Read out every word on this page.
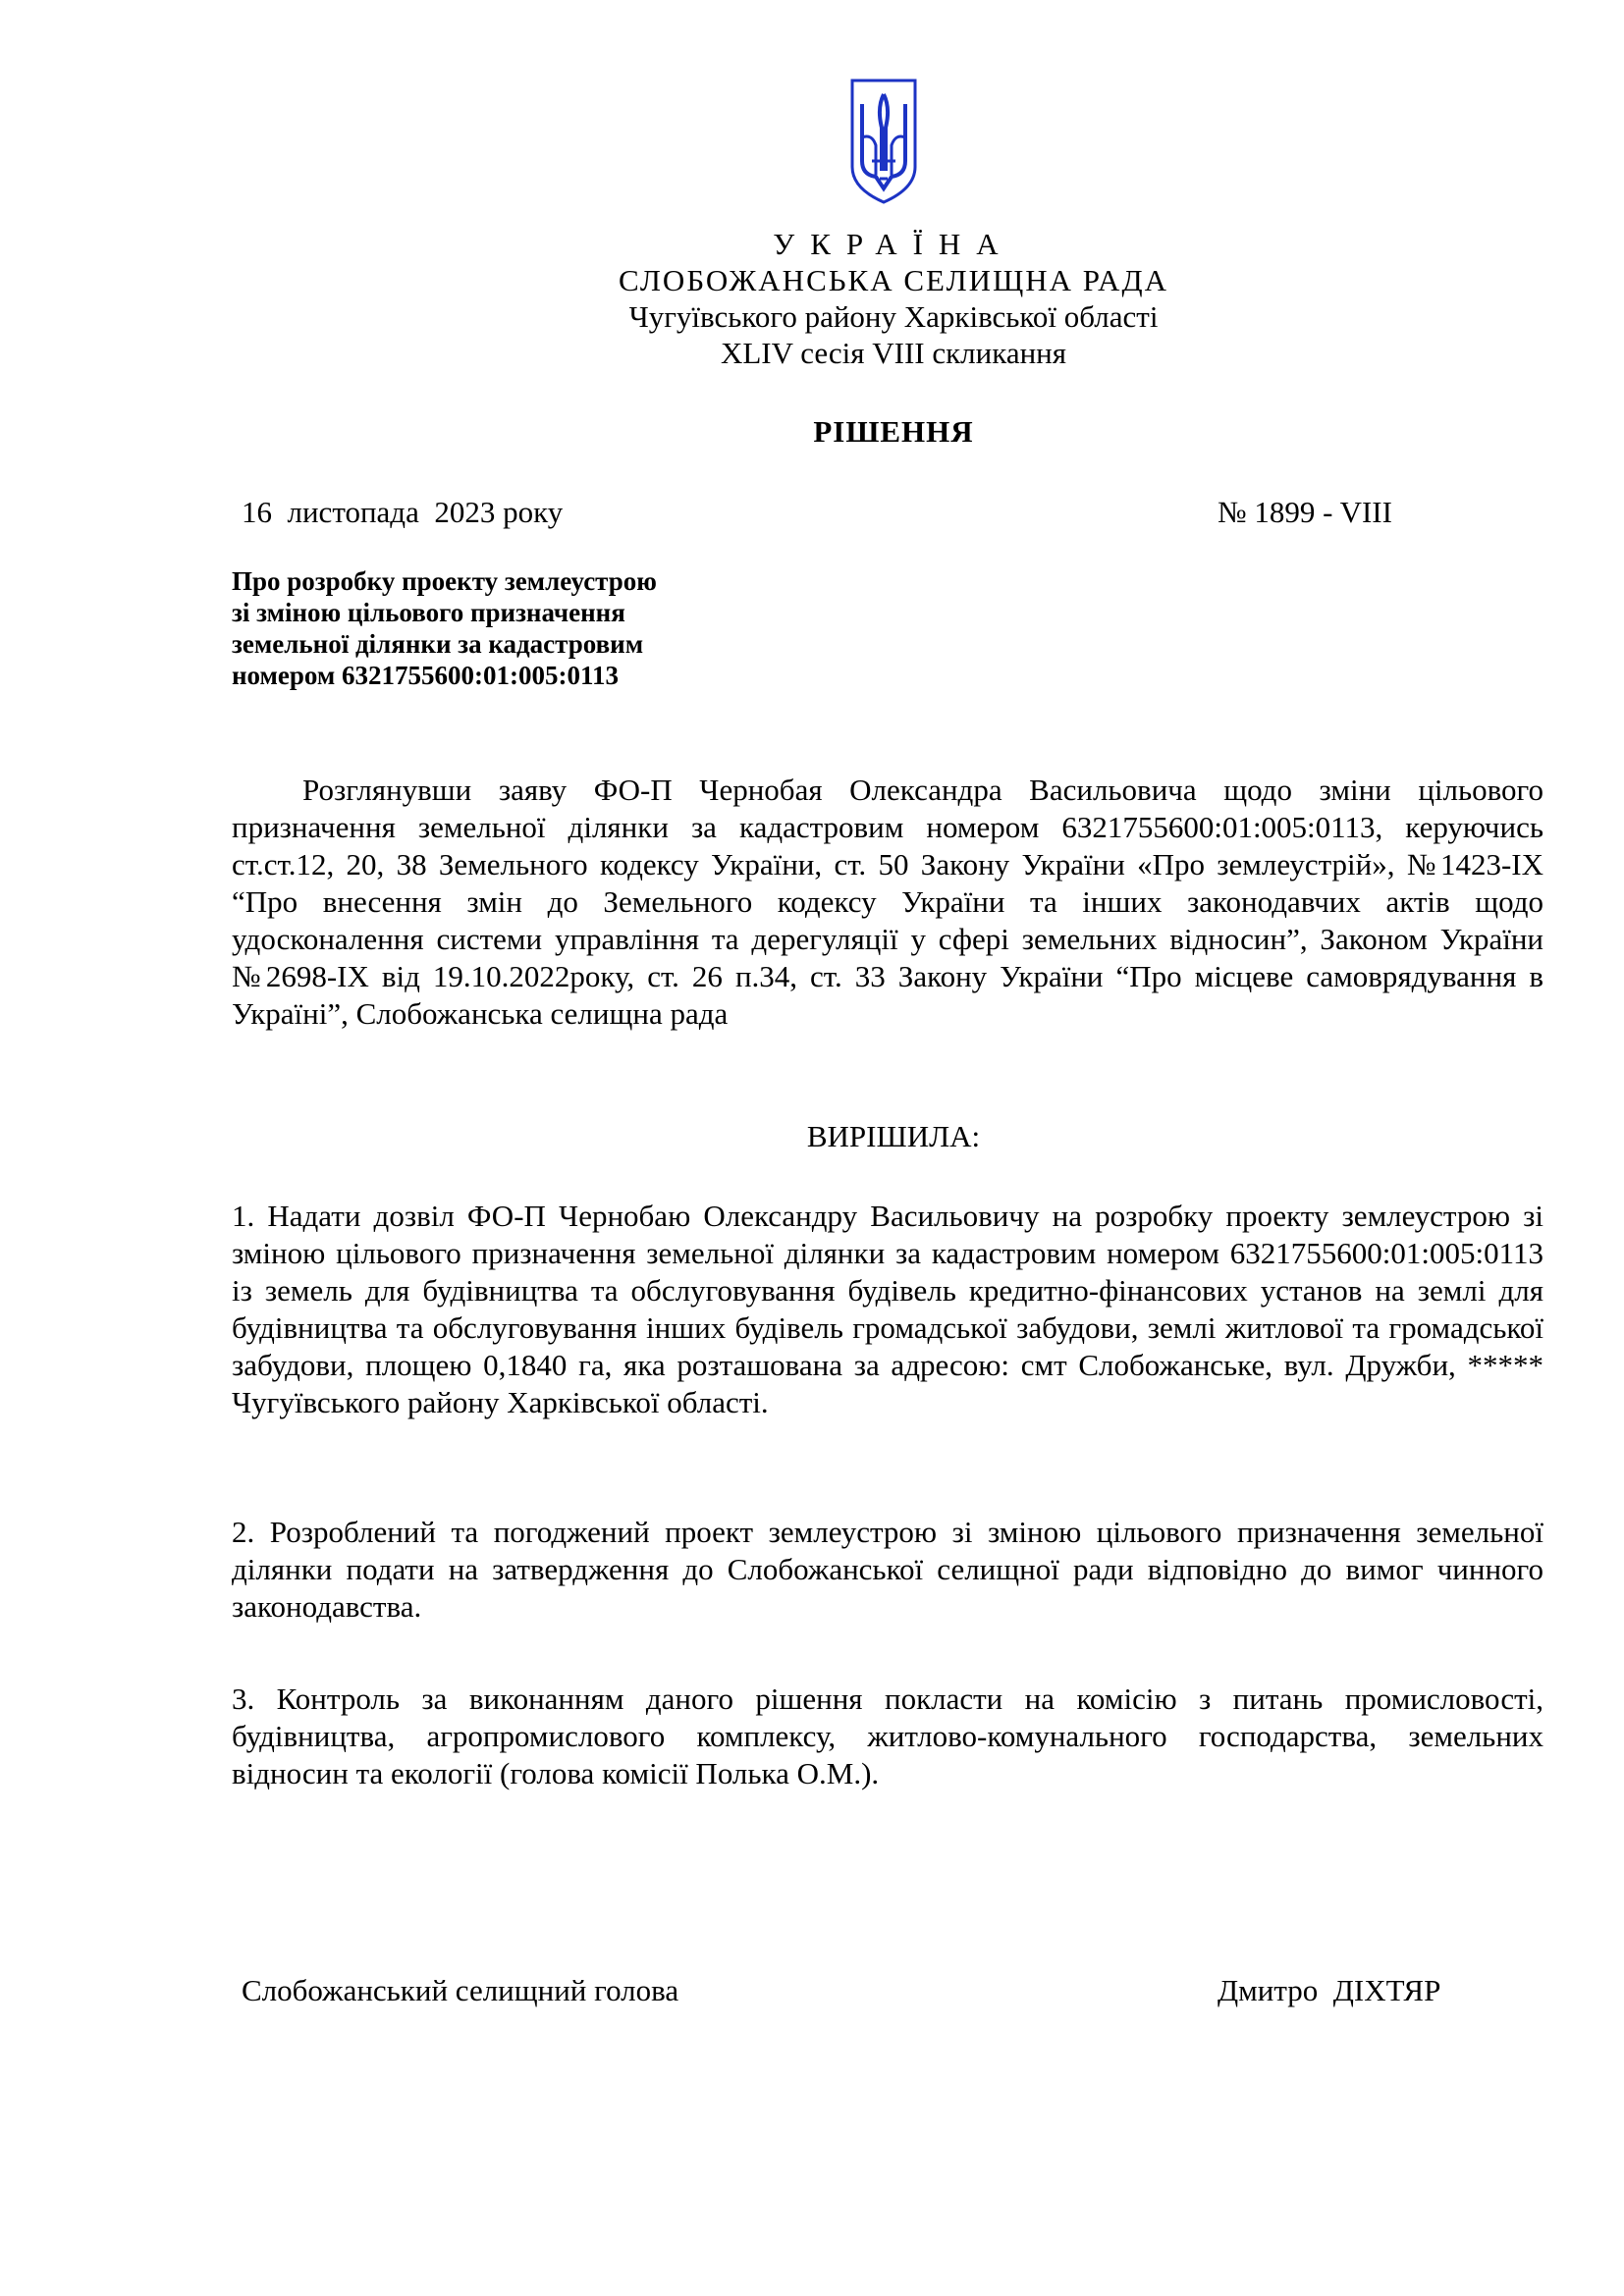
УКРАЇНА
СЛОБОЖАНСЬКА СЕЛИЩНА РАДА
Чугуївського району Харківської області
XLIV сесія VIII скликання
РІШЕННЯ
16  листопада  2023 року	№ 1899 - VIII
Про розробку проекту землеустрою
зі зміною цільового призначення
земельної ділянки за кадастровим
номером 6321755600:01:005:0113

Розглянувши заяву ФО-П Чернобая Олександра Васильовича щодо зміни цільового призначення земельної ділянки за кадастровим номером 6321755600:01:005:0113, керуючись ст.ст.12, 20, 38 Земельного кодексу України, ст. 50 Закону України «Про землеустрій», №1423-ІХ “Про внесення змін до Земельного кодексу України та інших законодавчих актів щодо удосконалення системи управління та дерегуляції у сфері земельних відносин”, Законом України №2698-ІХ від 19.10.2022року, ст. 26 п.34, ст. 33 Закону України “Про місцеве самоврядування в Україні”, Слобожанська селищна рада

ВИРІШИЛА:

1. Надати дозвіл ФО-П Чернобаю Олександру Васильовичу на розробку проекту землеустрою зі зміною цільового призначення земельної ділянки за кадастровим номером 6321755600:01:005:0113 із земель для будівництва та обслуговування будівель кредитно-фінансових установ на землі для будівництва та обслуговування інших будівель громадської забудови, землі житлової та громадської забудови, площею 0,1840 га, яка розташована за адресою: смт Слобожанське, вул. Дружби, ***** Чугуївського району Харківської області.

2. Розроблений та погоджений проект землеустрою зі зміною цільового призначення земельної ділянки подати на затвердження до Слобожанської селищної ради відповідно до вимог чинного законодавства.

3. Контроль за виконанням даного рішення покласти на комісію з питань промисловості, будівництва, агропромислового комплексу, житлово-комунального господарства, земельних відносин та екології (голова комісії Полька О.М.).

Слобожанський селищний голова	Дмитро  ДІХТЯР
